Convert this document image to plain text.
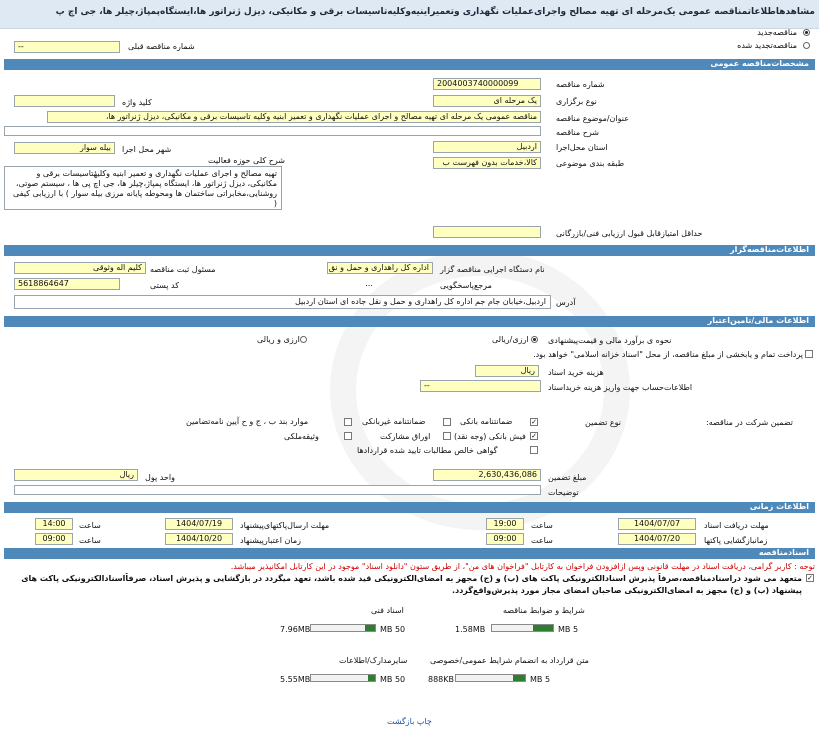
مشاهدهاطلاعاتمناقصه عمومی یک‌مرحله ای تهیه مصالح واجرای‌عملیات نگهداری وتعمیراینیه‌وکلیه‌تاسیسات برقی و مکانیکی، دیزل ژنراتور ها،ایستگاه‌پمپاژ،چیلر ها، جی اچ پ
مناقصه‌جدید
مناقصه‌تجدید شده
شماره مناقصه قبلی
--
مشخصات‌مناقصه عمومی
شماره مناقصه
2004003740000099
نوع برگزاری
یک مرحله ای
کلید واژه
عنوان/موضوع مناقصه
مناقصه عمومی یک مرحله ای تهیه مصالح و اجرای عملیات نگهداری و تعمیر ابنیه وکلیه تاسیسات برقی و مکانیکی، دیزل ژنراتور ها،
شرح مناقصه
استان محل‌اجرا
اردبیل
شهر محل اجرا
بیله سوار
طبقه بندی موضوعی
کالا،خدمات بدون فهرست ب
شرح کلی حوزه فعالیت
تهیه مصالح و اجرای عملیات نگهداری و تعمیر ابنیه وکلیهٔتاسیسات برقی و مکانیکی، دیزل ژنراتور ها، ایستگاه پمپاژ،چیلر ها، جی اچ پی ها ، سیستم صوتی، روشنایی،مخابراتی ساختمان ها ومحوطه پایانه مرزی بیله سوار ) با ارزیابی کیفی (
حداقل امتیازقابل قبول ارزیابی فنی/بازرگانی
اطلاعات‌مناقصه‌گزار
نام دستگاه اجرایی مناقصه گزار
اداره کل راهداری و حمل و نق
مسئول ثبت مناقصه
کلیم اله وثوقی
مرجع‌پاسخگویی
...
کد پستی
5618864647
آدرس
اردبیل،خیابان جام جم اداره کل راهداری و حمل و نقل جاده ای استان اردبیل
اطلاعات مالی/تامین‌اعتبار
نحوه ی برآورد مالی و قیمت‌پیشنهادی
ارزی/ریالی
ارزی و ریالی
پرداخت تمام و یابخشی از مبلغ مناقصه، از محل "اسناد خزانه اسلامی" خواهد بود.
هزینه خرید اسناد
ریال
اطلاعات‌حساب جهت واریز هزینه خریداسناد
--
تضمین شرکت در مناقصه:
نوع تضمین
✓
ضمانتنامه بانکی
ضمانتنامه غیربانکی
موارد بند ب ، ج و ح آیین نامه‌تضامین
✓
فیش بانکی (وجه نقد)
اوراق مشارکت
وثیقه‌ملکی
گواهی خالص مطالبات تایید شده قراردادها
مبلغ تضمین
2,630,436,086
واحد پول
ریال
توضیحات
اطلاعات زمانی
مهلت دریافت اسناد
1404/07/07
ساعت
19:00
مهلت ارسال‌پاکتهای‌پیشنهاد
1404/07/19
ساعت
14:00
زمانبازگشایی پاکتها
1404/07/20
ساعت
09:00
زمان اعتبارپیشنهاد
1404/10/20
ساعت
09:00
اسنادمناقصه
توجه : کاربر گرامی، دریافت اسناد در مهلت قانونی وپس ازافزودن فراخوان به کارتابل "فراخوان های من"، از طریق ستون "دانلود اسناد" موجود در این کارتابل امکانپذیر میباشد.
✓
متعهد می شود دراسنادمناقصه،صرفاً پذیرش اسنادالکترونیکی پاکت های (ب) و (ج) مجهز به امضای‌الکترونیکی قید شده باشد، تعهد میگردد در بازگشایی و پذیرش اسناد، صرفاًاسنادالکترونیکی پاکت های پیشنهاد (ب) و (ج) مجهز به امضای‌الکترونیکی صاحبان امضای مجاز مورد پذیرش‌واقع‌گردد.
شرایط و ضوابط مناقصه
اسناد فنی
5 MB
1.58MB
50 MB
7.96MB
متن قرارداد به انضمام شرایط عمومی/خصوصی
سایرمدارک/اطلاعات
5 MB
888KB
50 MB
5.55MB
چاپ بازگشت
